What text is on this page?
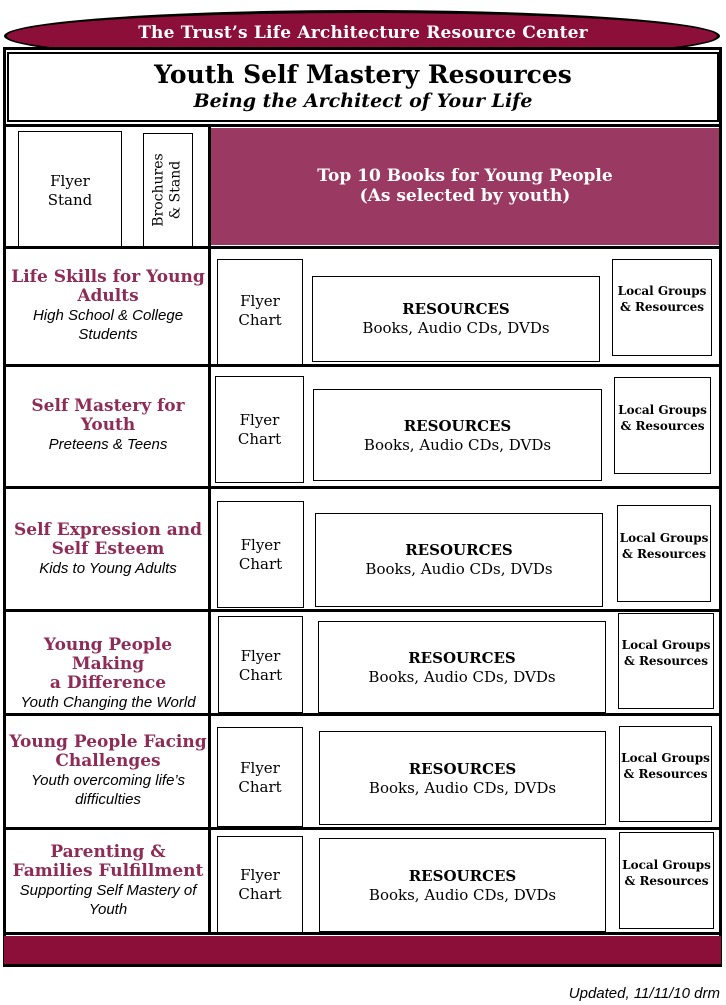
The Trust’s Life Architecture Resource Center
Youth Self Mastery Resources
Being the Architect of Your Life
Flyer
Stand	Brochures
& Stand	Top 10 Books for Young People
(As selected by youth)
Life Skills for Young
Adults
High School & College
Students
Flyer
Chart
RESOURCES
Books, Audio CDs, DVDs
Local Groups
& Resources
Self Mastery for
Youth
Preteens & Teens
Flyer
Chart
RESOURCES
Books, Audio CDs, DVDs
Local Groups
& Resources
Self Expression and
Self Esteem
Kids to Young Adults
Flyer
Chart
RESOURCES
Books, Audio CDs, DVDs
Local Groups
& Resources
Young People Making
a Difference
Youth Changing the World
Flyer
Chart
RESOURCES
Books, Audio CDs, DVDs
Local Groups
& Resources
Young People Facing
Challenges
Youth overcoming life’s
difficulties
Flyer
Chart
RESOURCES
Books, Audio CDs, DVDs
Local Groups
& Resources
Parenting &
Families Fulfillment
Supporting Self Mastery of
Youth
Flyer
Chart
RESOURCES
Books, Audio CDs, DVDs
Local Groups
& Resources
Updated, 11/11/10 drm
